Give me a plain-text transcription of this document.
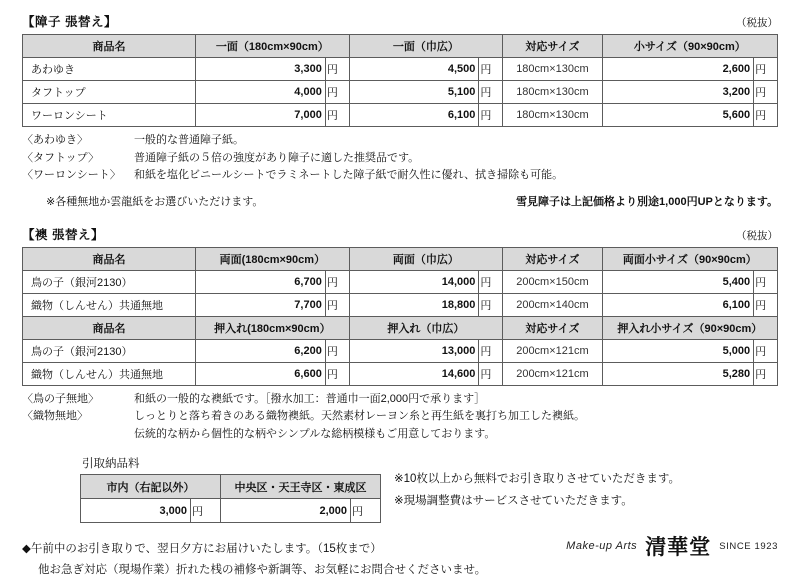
【障子 張替え】	（税抜）
商品名	一面（180cm×90cm）		一面（巾広）		対応サイズ	小サイズ（90×90cm）	
あわゆき	3,300	円	4,500	円	180cm×130cm	2,600	円
タフトップ	4,000	円	5,100	円	180cm×130cm	3,200	円
ワーロンシート	7,000	円	6,100	円	180cm×130cm	5,600	円
〈あわゆき〉	一般的な普通障子紙。
〈タフトップ〉	普通障子紙の５倍の強度があり障子に適した推奨品です。
〈ワーロンシート〉	和紙を塩化ビニールシートでラミネートした障子紙で耐久性に優れ、拭き掃除も可能。
※各種無地か雲龍紙をお選びいただけます。	雪見障子は上記価格より別途1,000円UPとなります。
【襖 張替え】	（税抜）
商品名	両面(180cm×90cm）		両面（巾広）		対応サイズ	両面小サイズ（90×90cm）	
鳥の子（銀河2130）	6,700	円	14,000	円	200cm×150cm	5,400	円
織物（しんせん）共通無地	7,700	円	18,800	円	200cm×140cm	6,100	円
商品名	押入れ(180cm×90cm）		押入れ（巾広）		対応サイズ	押入れ小サイズ（90×90cm）	
鳥の子（銀河2130）	6,200	円	13,000	円	200cm×121cm	5,000	円
織物（しんせん）共通無地	6,600	円	14,600	円	200cm×121cm	5,280	円
〈鳥の子無地〉	和紙の一般的な襖紙です。［撥水加工：普通巾一面2,000円で承ります］
〈織物無地〉	しっとりと落ち着きのある織物襖紙。天然素材レーヨン糸と再生紙を裏打ち加工した襖紙。
伝統的な柄から個性的な柄やシンプルな総柄模様もご用意しております。
引取納品料
市内（右記以外）		中央区・天王寺区・東成区	
3,000	円	2,000	円
※10枚以上から無料でお引き取りさせていただきます。
※現場調整費はサービスさせていただきます。
◆午前中のお引き取りで、翌日夕方にお届けいたします。（15枚まで）
他お急ぎ対応（現場作業）折れた桟の補修や新調等、お気軽にお問合せくださいませ。
Make-up Arts 清華堂 SINCE 1923
